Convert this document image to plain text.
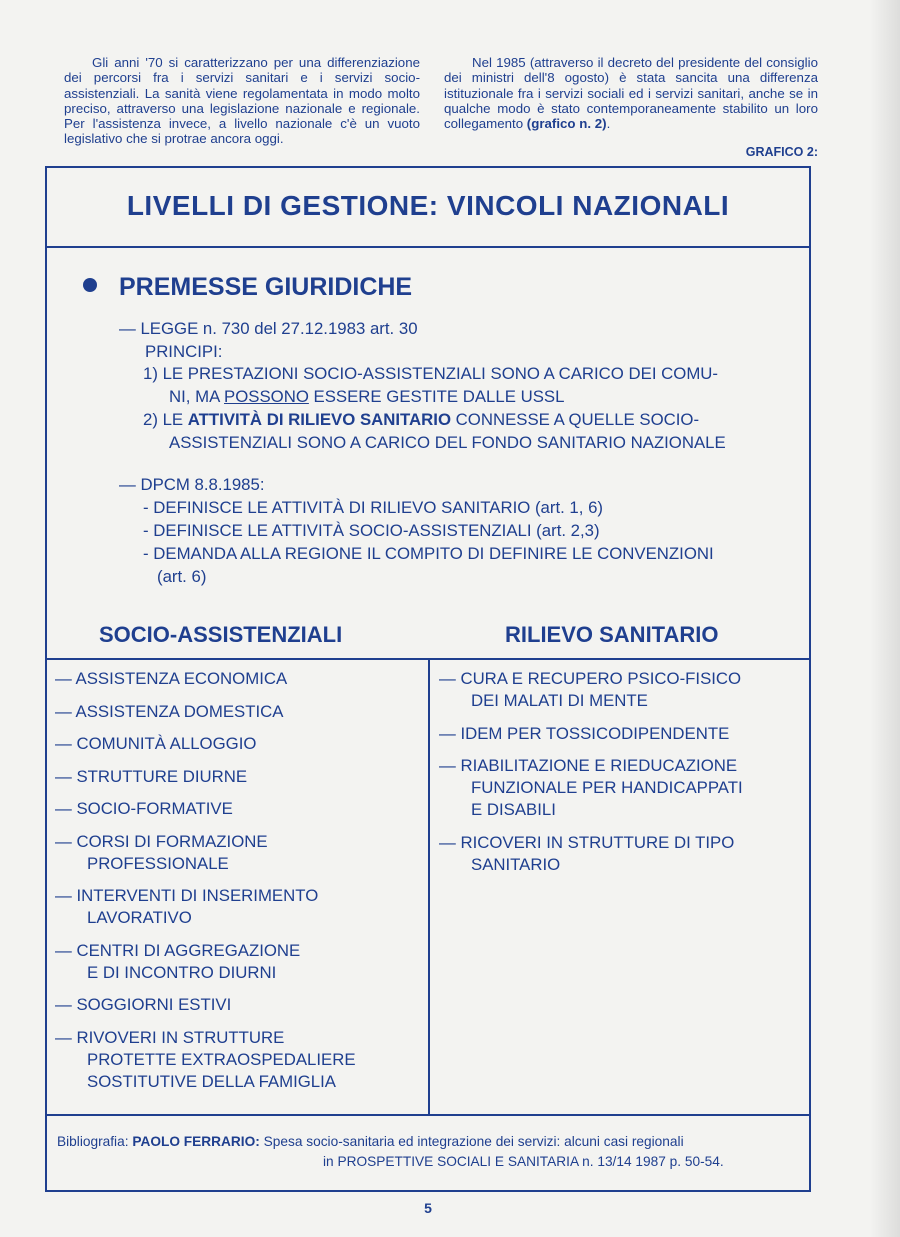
Gli anni '70 si caratterizzano per una differenziazione dei percorsi fra i servizi sanitari e i servizi socio-assistenziali. La sanità viene regolamentata in modo molto preciso, attraverso una legislazione nazionale e regionale. Per l'assistenza invece, a livello nazionale c'è un vuoto legislativo che si protrae ancora oggi.
Nel 1985 (attraverso il decreto del presidente del consiglio dei ministri dell'8 ogosto) è stata sancita una differenza istituzionale fra i servizi sociali ed i servizi sanitari, anche se in qualche modo è stato contemporaneamente stabilito un loro collegamento (grafico n. 2).
GRAFICO 2:
LIVELLI DI GESTIONE: VINCOLI NAZIONALI
PREMESSE GIURIDICHE
— LEGGE n. 730 del 27.12.1983 art. 30
PRINCIPI:
1) LE PRESTAZIONI SOCIO-ASSISTENZIALI SONO A CARICO DEI COMU-
NI, MA POSSONO ESSERE GESTITE DALLE USSL
2) LE ATTIVITÀ DI RILIEVO SANITARIO CONNESSE A QUELLE SOCIO-
ASSISTENZIALI SONO A CARICO DEL FONDO SANITARIO NAZIONALE
— DPCM 8.8.1985:
- DEFINISCE LE ATTIVITÀ DI RILIEVO SANITARIO (art. 1, 6)
- DEFINISCE LE ATTIVITÀ SOCIO-ASSISTENZIALI (art. 2,3)
- DEMANDA ALLA REGIONE IL COMPITO DI DEFINIRE LE CONVENZIONI
(art. 6)
SOCIO-ASSISTENZIALI	RILIEVO SANITARIO
— ASSISTENZA ECONOMICA
— ASSISTENZA DOMESTICA
— COMUNITÀ ALLOGGIO
— STRUTTURE DIURNE
— SOCIO-FORMATIVE
— CORSI DI FORMAZIONE
PROFESSIONALE
— INTERVENTI DI INSERIMENTO
LAVORATIVO
— CENTRI DI AGGREGAZIONE
E DI INCONTRO DIURNI
— SOGGIORNI ESTIVI
— RIVOVERI IN STRUTTURE
PROTETTE EXTRAOSPEDALIERE
SOSTITUTIVE DELLA FAMIGLIA
— CURA E RECUPERO PSICO-FISICO
DEI MALATI DI MENTE
— IDEM PER TOSSICODIPENDENTE
— RIABILITAZIONE E RIEDUCAZIONE
FUNZIONALE PER HANDICAPPATI
E DISABILI
— RICOVERI IN STRUTTURE DI TIPO
SANITARIO
Bibliografia: PAOLO FERRARIO: Spesa socio-sanitaria ed integrazione dei servizi: alcuni casi regionali
in PROSPETTIVE SOCIALI E SANITARIA n. 13/14 1987 p. 50-54.
5
